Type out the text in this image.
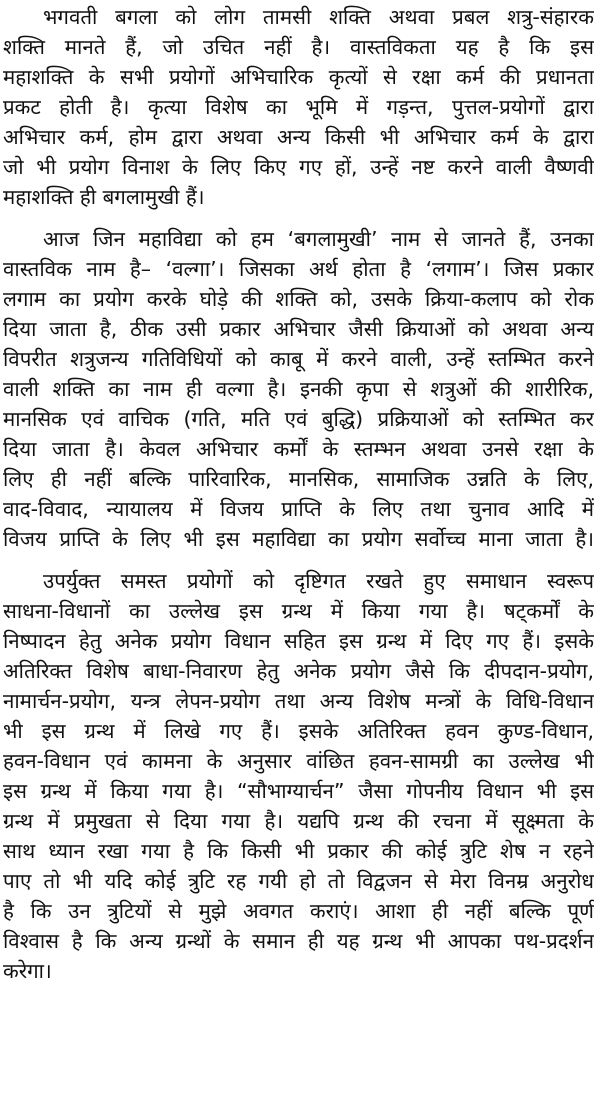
भगवती बगला को लोग तामसी शक्ति अथवा प्रबल शत्रु-संहारक
शक्ति मानते हैं, जो उचित नहीं है। वास्तविकता यह है कि इस
महाशक्ति के सभी प्रयोगों अभिचारिक कृत्यों से रक्षा कर्म की प्रधानता
प्रकट होती है। कृत्या विशेष का भूमि में गड़न्त, पुत्तल-प्रयोगों द्वारा
अभिचार कर्म, होम द्वारा अथवा अन्य किसी भी अभिचार कर्म के द्वारा
जो भी प्रयोग विनाश के लिए किए गए हों, उन्हें नष्ट करने वाली वैष्णवी
महाशक्ति ही बगलामुखी हैं।
आज जिन महाविद्या को हम ‘बगलामुखी’ नाम से जानते हैं, उनका
वास्तविक नाम है– ‘वल्गा’। जिसका अर्थ होता है ‘लगाम’। जिस प्रकार
लगाम का प्रयोग करके घोड़े की शक्ति को, उसके क्रिया-कलाप को रोक
दिया जाता है, ठीक उसी प्रकार अभिचार जैसी क्रियाओं को अथवा अन्य
विपरीत शत्रुजन्य गतिविधियों को काबू में करने वाली, उन्हें स्तम्भित करने
वाली शक्ति का नाम ही वल्गा है। इनकी कृपा से शत्रुओं की शारीरिक,
मानसिक एवं वाचिक (गति, मति एवं बुद्धि) प्रक्रियाओं को स्तम्भित कर
दिया जाता है। केवल अभिचार कर्मों के स्तम्भन अथवा उनसे रक्षा के
लिए ही नहीं बल्कि पारिवारिक, मानसिक, सामाजिक उन्नति के लिए,
वाद-विवाद, न्यायालय में विजय प्राप्ति के लिए तथा चुनाव आदि में
विजय प्राप्ति के लिए भी इस महाविद्या का प्रयोग सर्वोच्च माना जाता है।
उपर्युक्त समस्त प्रयोगों को दृष्टिगत रखते हुए समाधान स्वरूप
साधना-विधानों का उल्लेख इस ग्रन्थ में किया गया है। षट्कर्मों के
निष्पादन हेतु अनेक प्रयोग विधान सहित इस ग्रन्थ में दिए गए हैं। इसके
अतिरिक्त विशेष बाधा-निवारण हेतु अनेक प्रयोग जैसे कि दीपदान-प्रयोग,
नामार्चन-प्रयोग, यन्त्र लेपन-प्रयोग तथा अन्य विशेष मन्त्रों के विधि-विधान
भी इस ग्रन्थ में लिखे गए हैं। इसके अतिरिक्त हवन कुण्ड-विधान,
हवन-विधान एवं कामना के अनुसार वांछित हवन-सामग्री का उल्लेख भी
इस ग्रन्थ में किया गया है। “सौभाग्यार्चन” जैसा गोपनीय विधान भी इस
ग्रन्थ में प्रमुखता से दिया गया है। यद्यपि ग्रन्थ की रचना में सूक्ष्मता के
साथ ध्यान रखा गया है कि किसी भी प्रकार की कोई त्रुटि शेष न रहने
पाए तो भी यदि कोई त्रुटि रह गयी हो तो विद्वजन से मेरा विनम्र अनुरोध
है कि उन त्रुटियों से मुझे अवगत कराएं। आशा ही नहीं बल्कि पूर्ण
विश्वास है कि अन्य ग्रन्थों के समान ही यह ग्रन्थ भी आपका पथ-प्रदर्शन
करेगा।
